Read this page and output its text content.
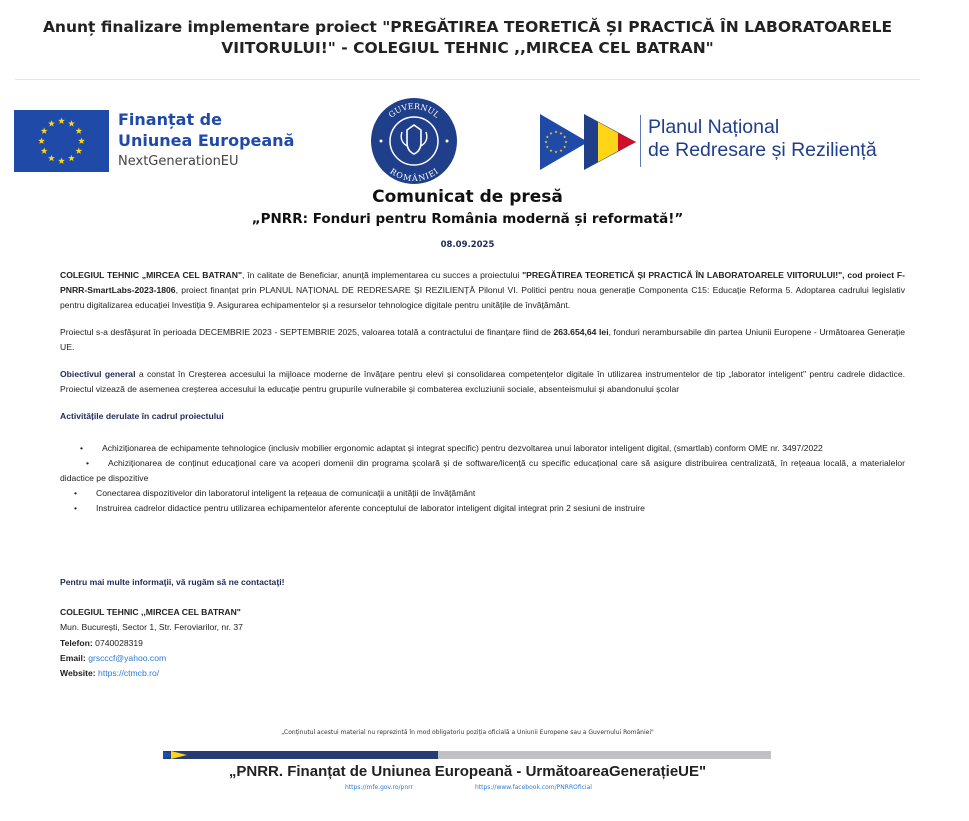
Anunț finalizare implementare proiect "PREGĂTIREA TEORETICĂ ȘI PRACTICĂ ÎN LABORATOARELE VIITORULUI!" - COLEGIUL TEHNIC ,,MIRCEA CEL BATRAN"
Finanțat de
Uniunea Europeană
NextGenerationEU
GUVERNUL
ROMÂNIEI
Planul Național
de Redresare și Reziliență
Comunicat de presă
„PNRR: Fonduri pentru România modernă și reformată!”
08.09.2025

COLEGIUL TEHNIC „MIRCEA CEL BATRAN", în calitate de Beneficiar, anunță implementarea cu succes a proiectului "PREGĂTIREA TEORETICĂ ȘI PRACTICĂ ÎN LABORATOARELE VIITORULUI!", cod proiect F-PNRR-SmartLabs-2023-1806, proiect finanțat prin PLANUL NAȚIONAL DE REDRESARE ȘI REZILIENȚĂ Pilonul VI. Politici pentru noua generație Componenta C15: Educație Reforma 5. Adoptarea cadrului legislativ pentru digitalizarea educației Investiția 9. Asigurarea echipamentelor și a resurselor tehnologice digitale pentru unitățile de învățământ.

Proiectul s-a desfășurat în perioada DECEMBRIE 2023 - SEPTEMBRIE 2025, valoarea totală a contractului de finanțare fiind de 263.654,64 lei, fonduri nerambursabile din partea Uniunii Europene - Următoarea Generație UE.

Obiectivul general a constat în Creșterea accesului la mijloace moderne de învățare pentru elevi și consolidarea competențelor digitale în utilizarea instrumentelor de tip „laborator inteligent" pentru cadrele didactice. Proiectul vizează de asemenea creșterea accesului la educație pentru grupurile vulnerabile și combaterea excluziunii sociale, absenteismului și abandonului școlar

Activitățile derulate în cadrul proiectului
• Achiziționarea de echipamente tehnologice (inclusiv mobilier ergonomic adaptat și integrat specific) pentru dezvoltarea unui laborator inteligent digital, (smartlab) conform OME nr. 3497/2022
• Achiziționarea de conținut educațional care va acoperi domenii din programa școlară și de software/licență cu specific educațional care să asigure distribuirea centralizată, în rețeaua locală, a materialelor didactice pe dispozitive
• Conectarea dispozitivelor din laboratorul inteligent la rețeaua de comunicații a unității de învățământ
• Instruirea cadrelor didactice pentru utilizarea echipamentelor aferente conceptului de laborator inteligent digital integrat prin 2 sesiuni de instruire
Pentru mai multe informaţii, vă rugăm să ne contactaţi!
COLEGIUL TEHNIC ,,MIRCEA CEL BATRAN"
Mun. București, Sector 1, Str. Feroviarilor, nr. 37
Telefon: 0740028319
Email: grscccf@yahoo.com
Website: https://ctmcb.ro/
„Conținutul acestui material nu reprezintă în mod obligatoriu poziția oficială a Uniunii Europene sau a Guvernului României"
„PNRR. Finanțat de Uniunea Europeană - UrmătoareaGenerațieUE"
https://mfe.gov.ro/pnrr	https://www.facebook.com/PNRROficial
